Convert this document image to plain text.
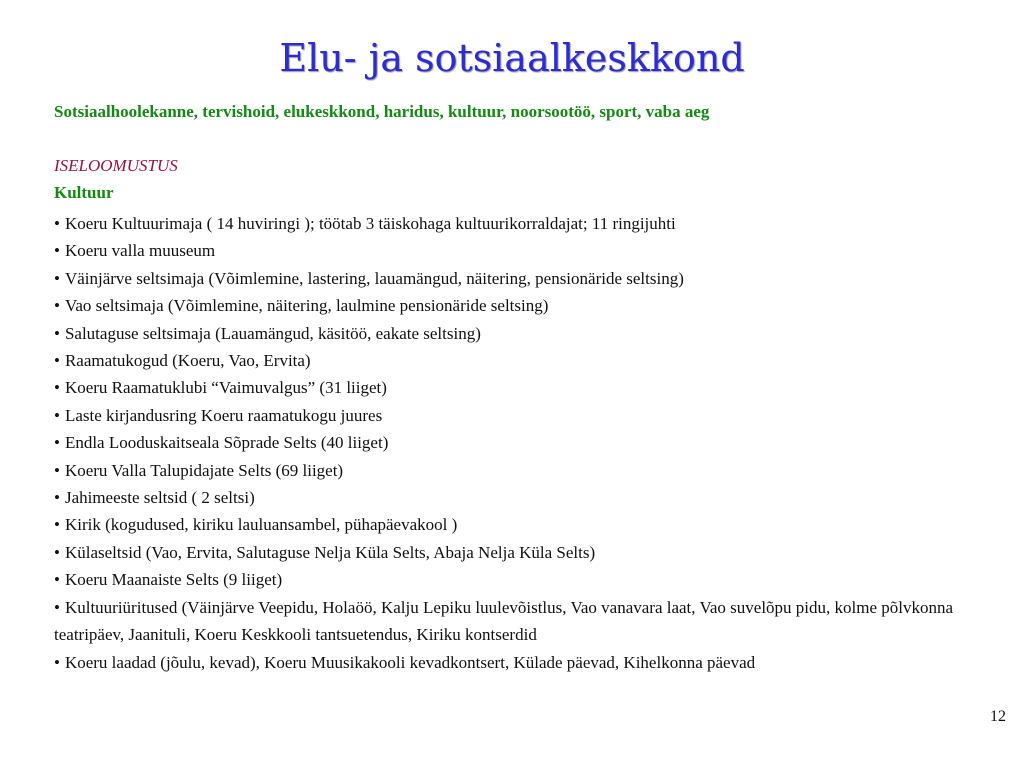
Elu- ja sotsiaalkeskkond
Sotsiaalhoolekanne, tervishoid, elukeskkond, haridus, kultuur, noorsootöö, sport, vaba aeg
ISELOOMUSTUS
Kultuur
• Koeru Kultuurimaja ( 14 huviringi ); töötab 3 täiskohaga kultuurikorraldajat; 11 ringijuhti
• Koeru valla muuseum
• Väinjärve seltsimaja (Võimlemine, lastering, lauamängud, näitering, pensionäride seltsing)
• Vao seltsimaja (Võimlemine, näitering, laulmine pensionäride seltsing)
• Salutaguse seltsimaja (Lauamängud, käsitöö, eakate seltsing)
• Raamatukogud (Koeru, Vao, Ervita)
• Koeru Raamatuklubi “Vaimuvalgus” (31 liiget)
• Laste kirjandusring Koeru raamatukogu juures
• Endla Looduskaitseala Sõprade Selts (40 liiget)
• Koeru Valla Talupidajate Selts (69 liiget)
• Jahimeeste seltsid ( 2 seltsi)
• Kirik (kogudused, kiriku lauluansambel, pühapäevakool )
• Külaseltsid (Vao, Ervita, Salutaguse Nelja Küla Selts, Abaja Nelja Küla Selts)
• Koeru Maanaiste Selts (9 liiget)
• Kultuuriüritused (Väinjärve Veepidu, Holaöö, Kalju Lepiku luulevõistlus, Vao vanavara laat, Vao suvelõpu pidu, kolme põlvkonna teatripäev, Jaanituli, Koeru Keskkooli tantsuetendus, Kiriku kontserdid
• Koeru laadad (jõulu, kevad), Koeru Muusikakooli kevadkontsert, Külade päevad, Kihelkonna päevad
12
